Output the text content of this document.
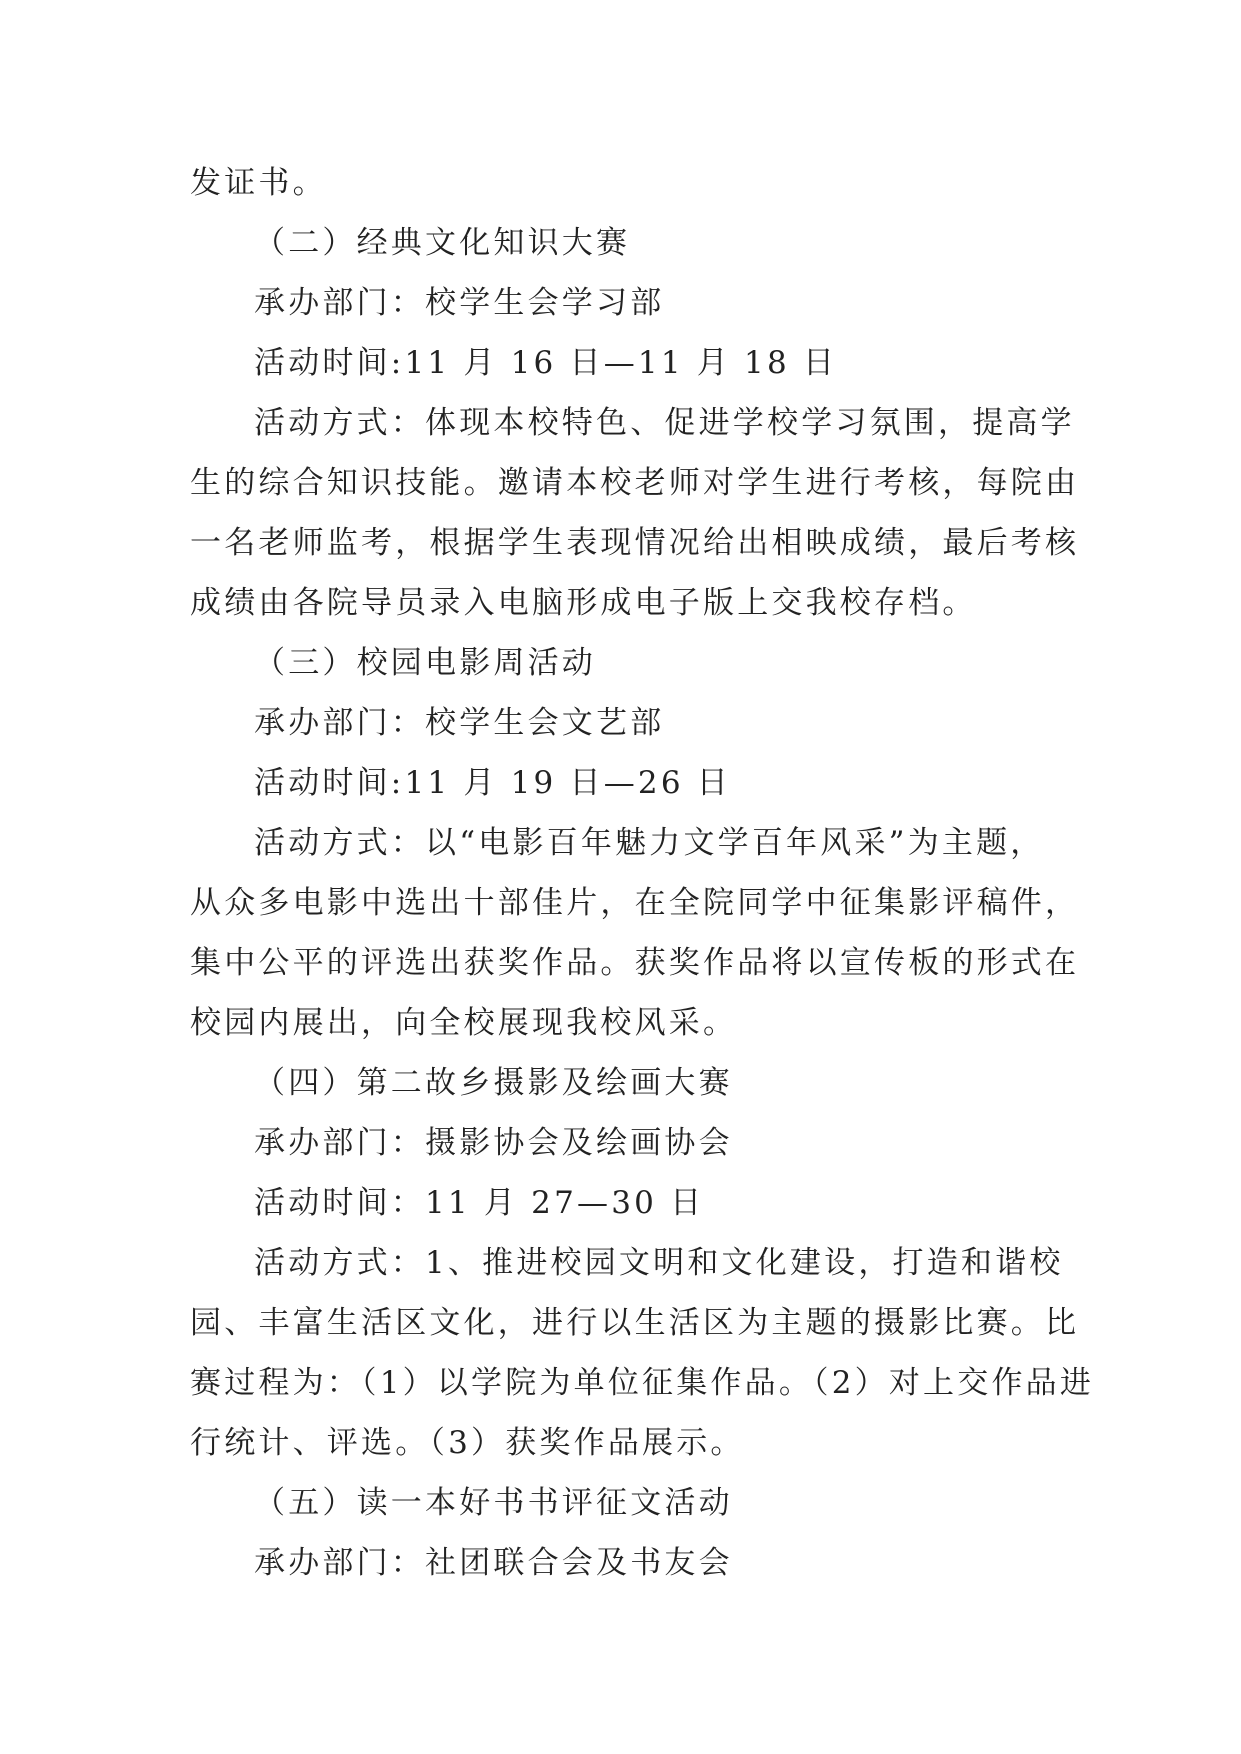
发证书。
（二）经典文化知识大赛
承办部门：校学生会学习部
活动时间:11 月 16 日—11 月 18 日
活动方式：体现本校特色、促进学校学习氛围，提高学
生的综合知识技能。邀请本校老师对学生进行考核，每院由
一名老师监考，根据学生表现情况给出相映成绩，最后考核
成绩由各院导员录入电脑形成电子版上交我校存档。
（三）校园电影周活动
承办部门：校学生会文艺部
活动时间:11 月 19 日—26 日
活动方式：以“电影百年魅力文学百年风采”为主题，
从众多电影中选出十部佳片，在全院同学中征集影评稿件，
集中公平的评选出获奖作品。获奖作品将以宣传板的形式在
校园内展出，向全校展现我校风采。
（四）第二故乡摄影及绘画大赛
承办部门：摄影协会及绘画协会
活动时间：11 月 27—30 日
活动方式：1、推进校园文明和文化建设，打造和谐校
园、丰富生活区文化，进行以生活区为主题的摄影比赛。比
赛过程为：（1）以学院为单位征集作品。（2）对上交作品进
行统计、评选。（3）获奖作品展示。
（五）读一本好书书评征文活动
承办部门：社团联合会及书友会
